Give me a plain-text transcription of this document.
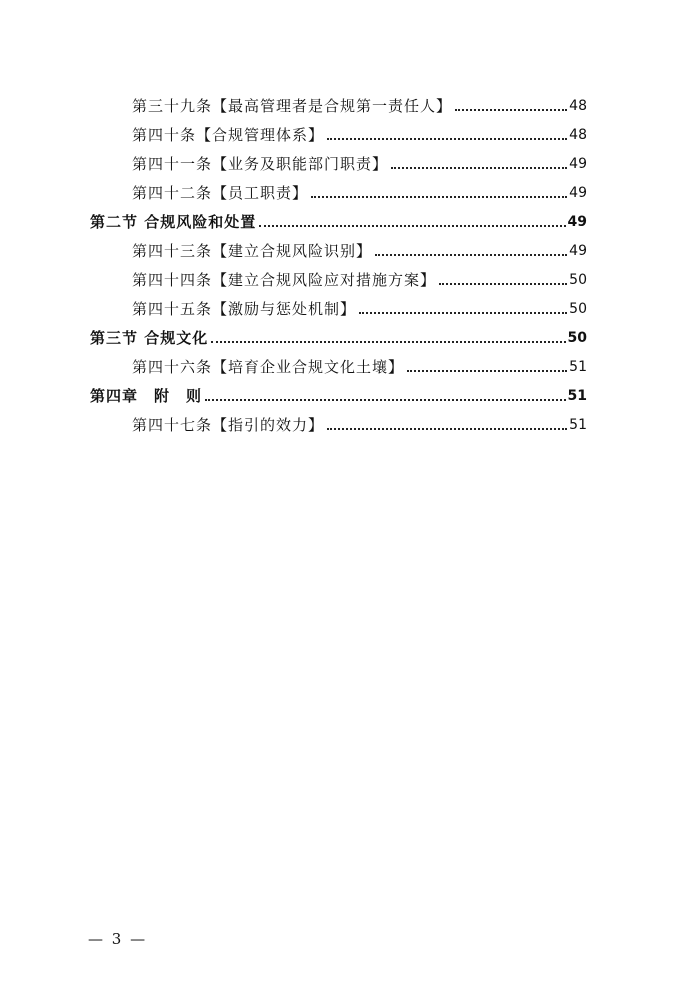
第三十九条【最高管理者是合规第一责任人】	48
第四十条【合规管理体系】	48
第四十一条【业务及职能部门职责】	49
第四十二条【员工职责】	49
第二节 合规风险和处置	49
第四十三条【建立合规风险识别】	49
第四十四条【建立合规风险应对措施方案】	50
第四十五条【激励与惩处机制】	50
第三节 合规文化	50
第四十六条【培育企业合规文化土壤】	51
第四章　附　则	51
第四十七条【指引的效力】	51
— 3 —
